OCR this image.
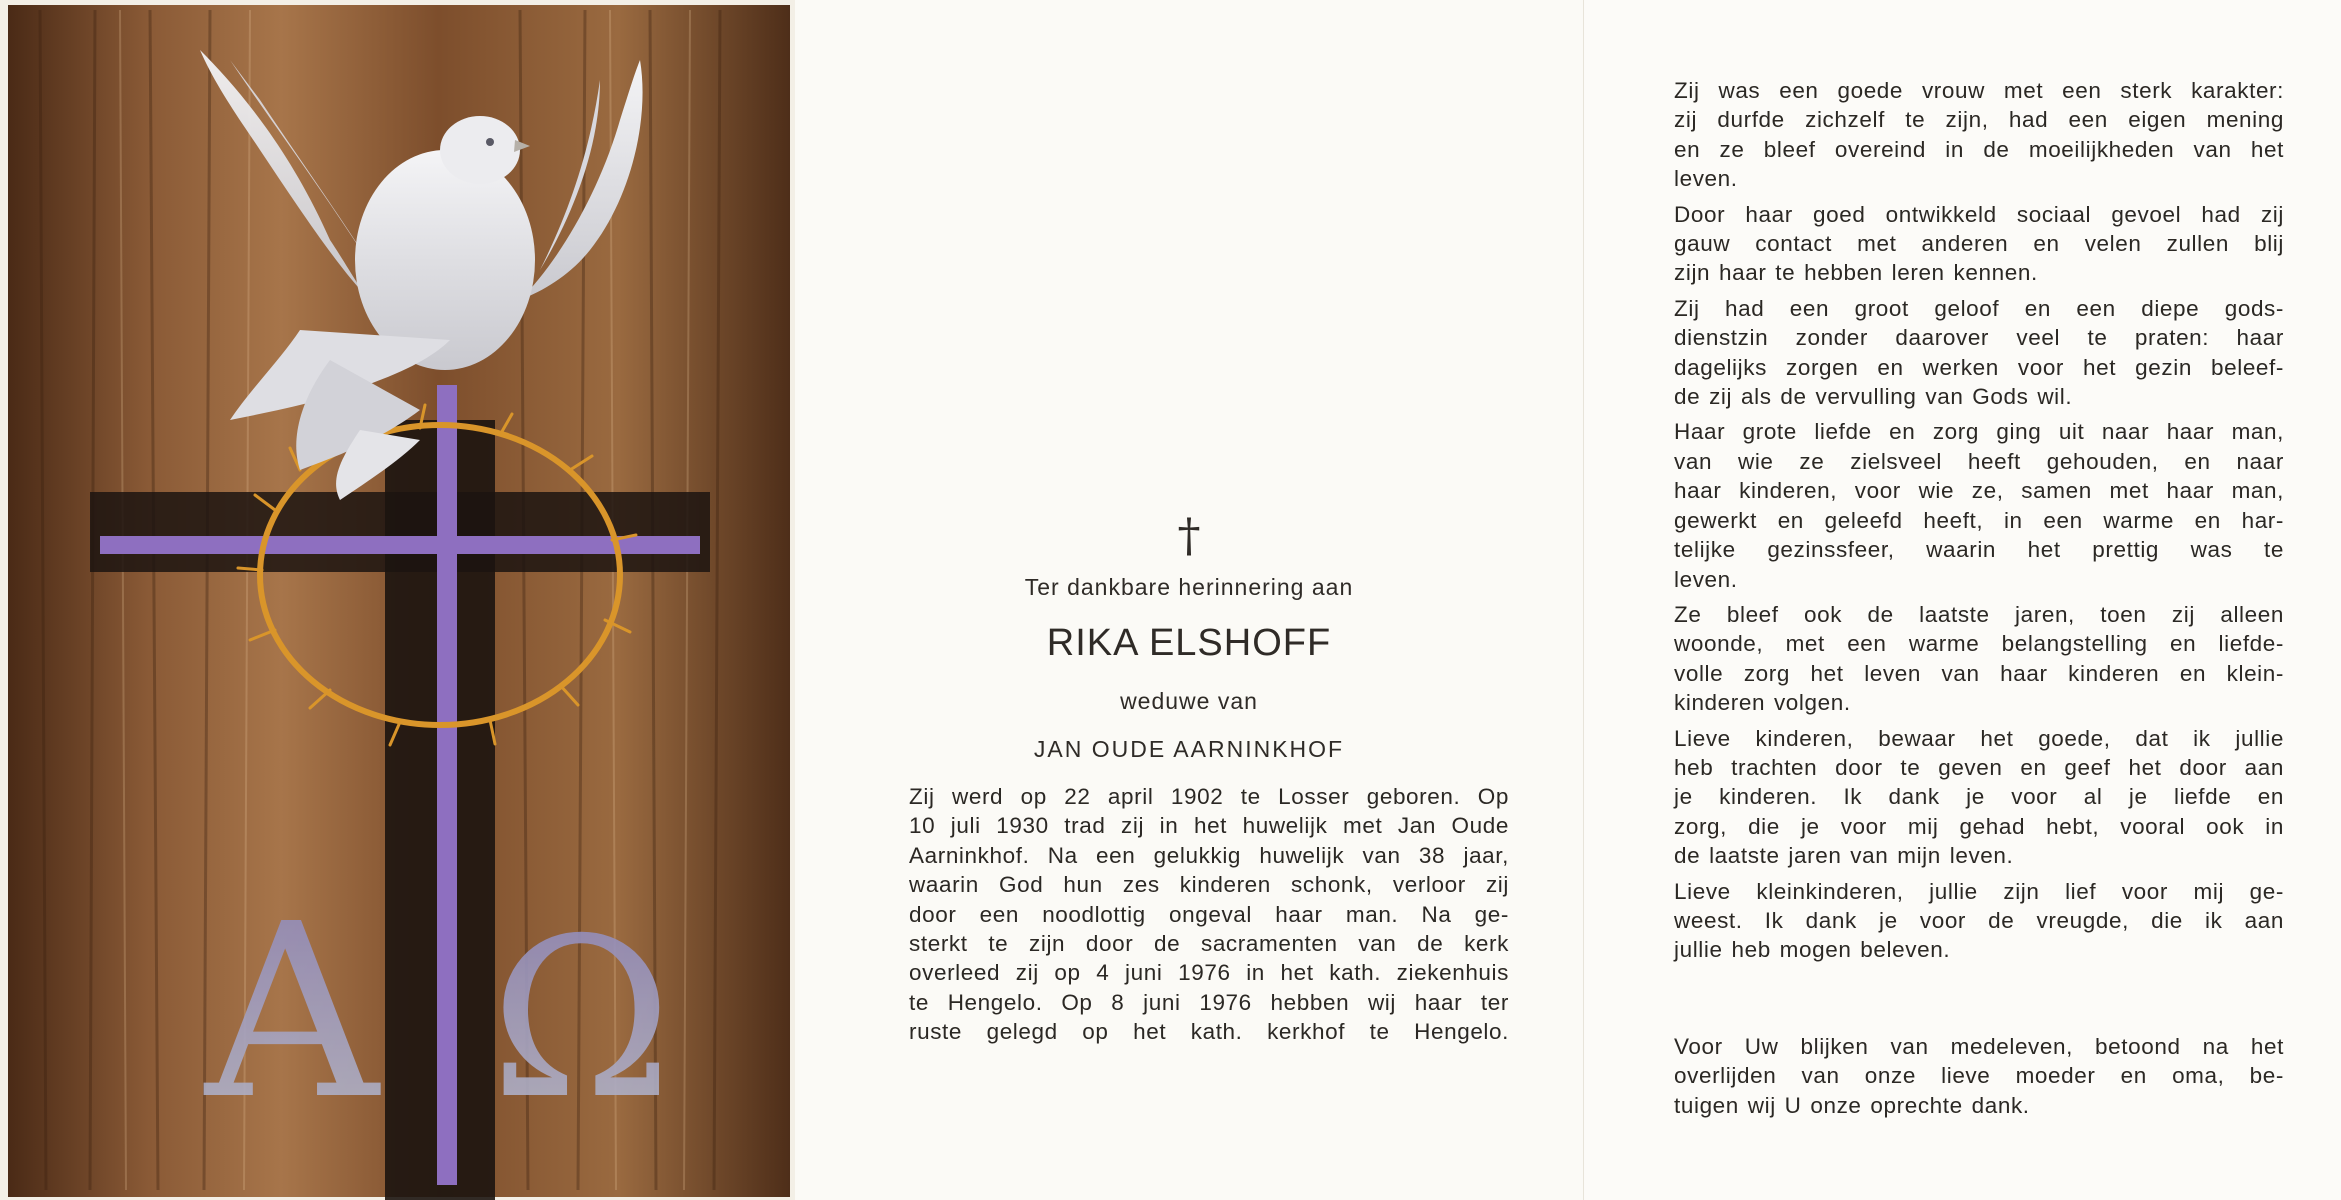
A Ω
†
Ter dankbare herinnering aan
RIKA ELSHOFF
weduwe van
JAN OUDE AARNINKHOF
Zij werd op 22 april 1902 te Losser geboren. Op
10 juli 1930 trad zij in het huwelijk met Jan Oude
Aarninkhof. Na een gelukkig huwelijk van 38 jaar,
waarin God hun zes kinderen schonk, verloor zij
door een noodlottig ongeval haar man. Na ge-
sterkt te zijn door de sacramenten van de kerk
overleed zij op 4 juni 1976 in het kath. ziekenhuis
te Hengelo. Op 8 juni 1976 hebben wij haar ter
ruste gelegd op het kath. kerkhof te Hengelo.
Zij was een goede vrouw met een sterk karakter:
zij durfde zichzelf te zijn, had een eigen mening
en ze bleef overeind in de moeilijkheden van het
leven.
Door haar goed ontwikkeld sociaal gevoel had zij
gauw contact met anderen en velen zullen blij
zijn haar te hebben leren kennen.
Zij had een groot geloof en een diepe gods-
dienstzin zonder daarover veel te praten: haar
dagelijks zorgen en werken voor het gezin beleef-
de zij als de vervulling van Gods wil.
Haar grote liefde en zorg ging uit naar haar man,
van wie ze zielsveel heeft gehouden, en naar
haar kinderen, voor wie ze, samen met haar man,
gewerkt en geleefd heeft, in een warme en har-
telijke gezinssfeer, waarin het prettig was te
leven.
Ze bleef ook de laatste jaren, toen zij alleen
woonde, met een warme belangstelling en liefde-
volle zorg het leven van haar kinderen en klein-
kinderen volgen.
Lieve kinderen, bewaar het goede, dat ik jullie
heb trachten door te geven en geef het door aan
je kinderen. Ik dank je voor al je liefde en
zorg, die je voor mij gehad hebt, vooral ook in
de laatste jaren van mijn leven.
Lieve kleinkinderen, jullie zijn lief voor mij ge-
weest. Ik dank je voor de vreugde, die ik aan
jullie heb mogen beleven.
Voor Uw blijken van medeleven, betoond na het
overlijden van onze lieve moeder en oma, be-
tuigen wij U onze oprechte dank.
